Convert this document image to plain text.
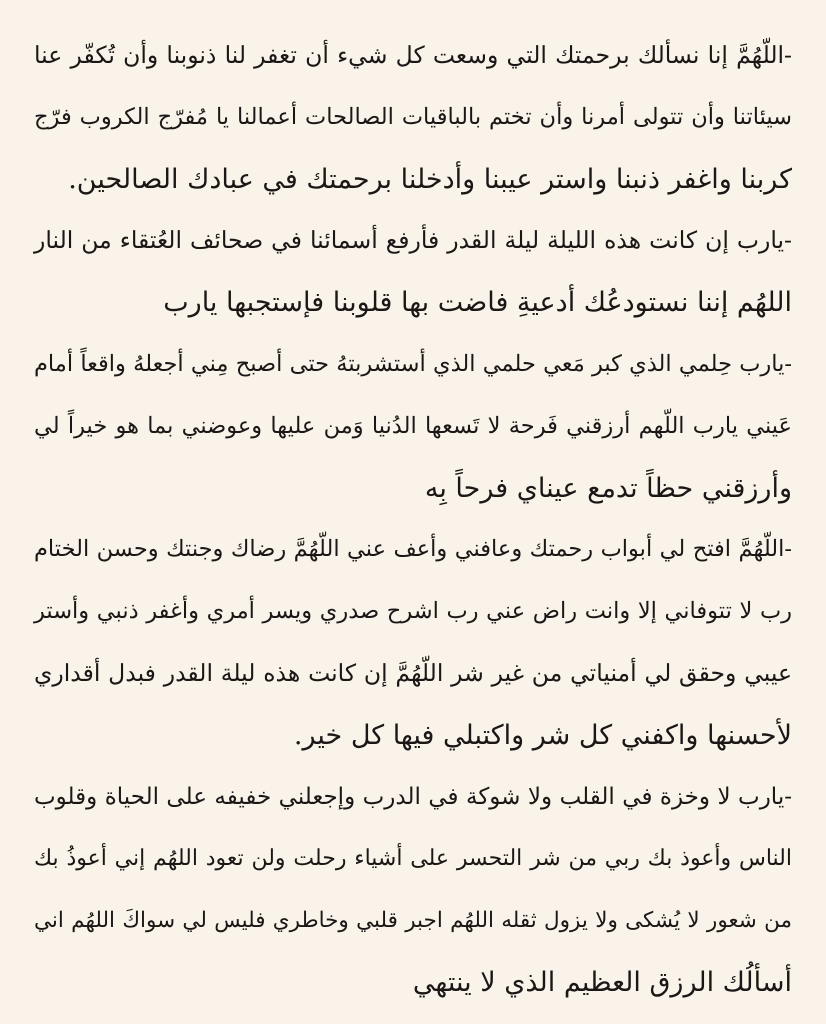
-اللّهُمَّ إنا نسألك برحمتك التي وسعت كل شيء أن تغفر لنا ذنوبنا وأن تُكفّر عنا
سيئاتنا وأن تتولى أمرنا وأن تختم بالباقيات الصالحات أعمالنا يا مُفرّج الكروب فرّج
كربنا واغفر ذنبنا واستر عيبنا وأدخلنا برحمتك في عبادك الصالحين.
-يارب إن كانت هذه الليلة ليلة القدر فأرفع أسمائنا في صحائف العُتقاء من النار
اللهُم إننا نستودعُك أدعيةِ فاضت بها قلوبنا فإستجبها يارب
-يارب حِلمي الذي كبر مَعي حلمي الذي أستشربتهُ حتى أصبح مِني أجعلهُ واقعاً أمام
عَيني يارب اللّهم أرزقني فَرحة لا تَسعها الدُنيا وَمن عليها وعوضني بما هو خيراً لي
وأرزقني حظاً تدمع عيناي فرحاً بِه
-اللّهُمَّ افتح لي أبواب رحمتك وعافني وأعف عني اللّهُمَّ رضاك وجنتك وحسن الختام
رب لا تتوفاني إلا وانت راض عني رب اشرح صدري ويسر أمري وأغفر ذنبي وأستر
عيبي وحقق لي أمنياتي من غير شر اللّهُمَّ إن كانت هذه ليلة القدر فبدل أقداري
لأحسنها واكفني كل شر واكتبلي فيها كل خير.
-يارب لا وخزة في القلب ولا شوكة في الدرب وإجعلني خفيفه على الحياة وقلوب
الناس وأعوذ بك ربي من شر التحسر على أشياء رحلت ولن تعود اللهُم إني أعوذُ بك
من شعور لا يُشكى ولا يزول ثقله اللهُم اجبر قلبي وخاطري فليس لي سواكَ اللهُم اني
أسألُك الرزق العظيم الذي لا ينتهي
